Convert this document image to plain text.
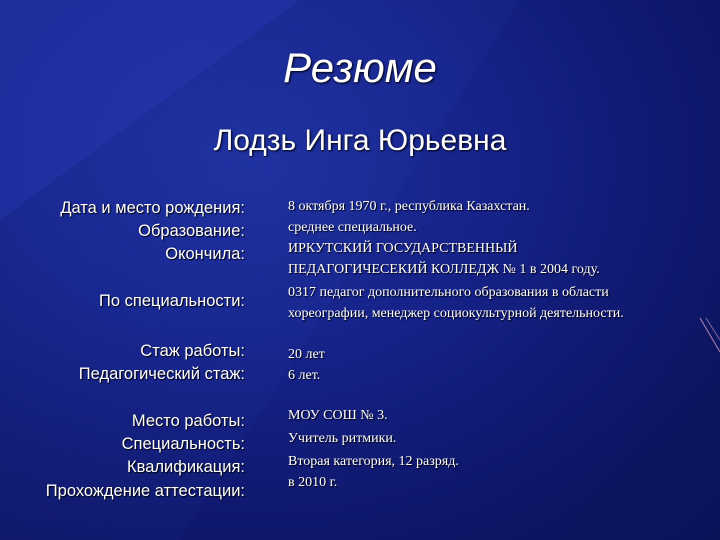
Резюме
Лодзь Инга Юрьевна
Дата и место рождения:
Образование:
Окончила:
По специальности:
Стаж работы:
Педагогический стаж:
Место работы:
Специальность:
Квалификация:
Прохождение аттестации:
8 октября 1970 г., республика Казахстан.
среднее специальное.
ИРКУТСКИЙ ГОСУДАРСТВЕННЫЙ
ПЕДАГОГИЧЕСЕКИЙ КОЛЛЕДЖ № 1 в 2004 году.
0317 педагог дополнительного образования в области
хореографии, менеджер социокультурной деятельности.
20 лет
6 лет.
МОУ СОШ № 3.
Учитель ритмики.
Вторая категория, 12 разряд.
в 2010 г.
